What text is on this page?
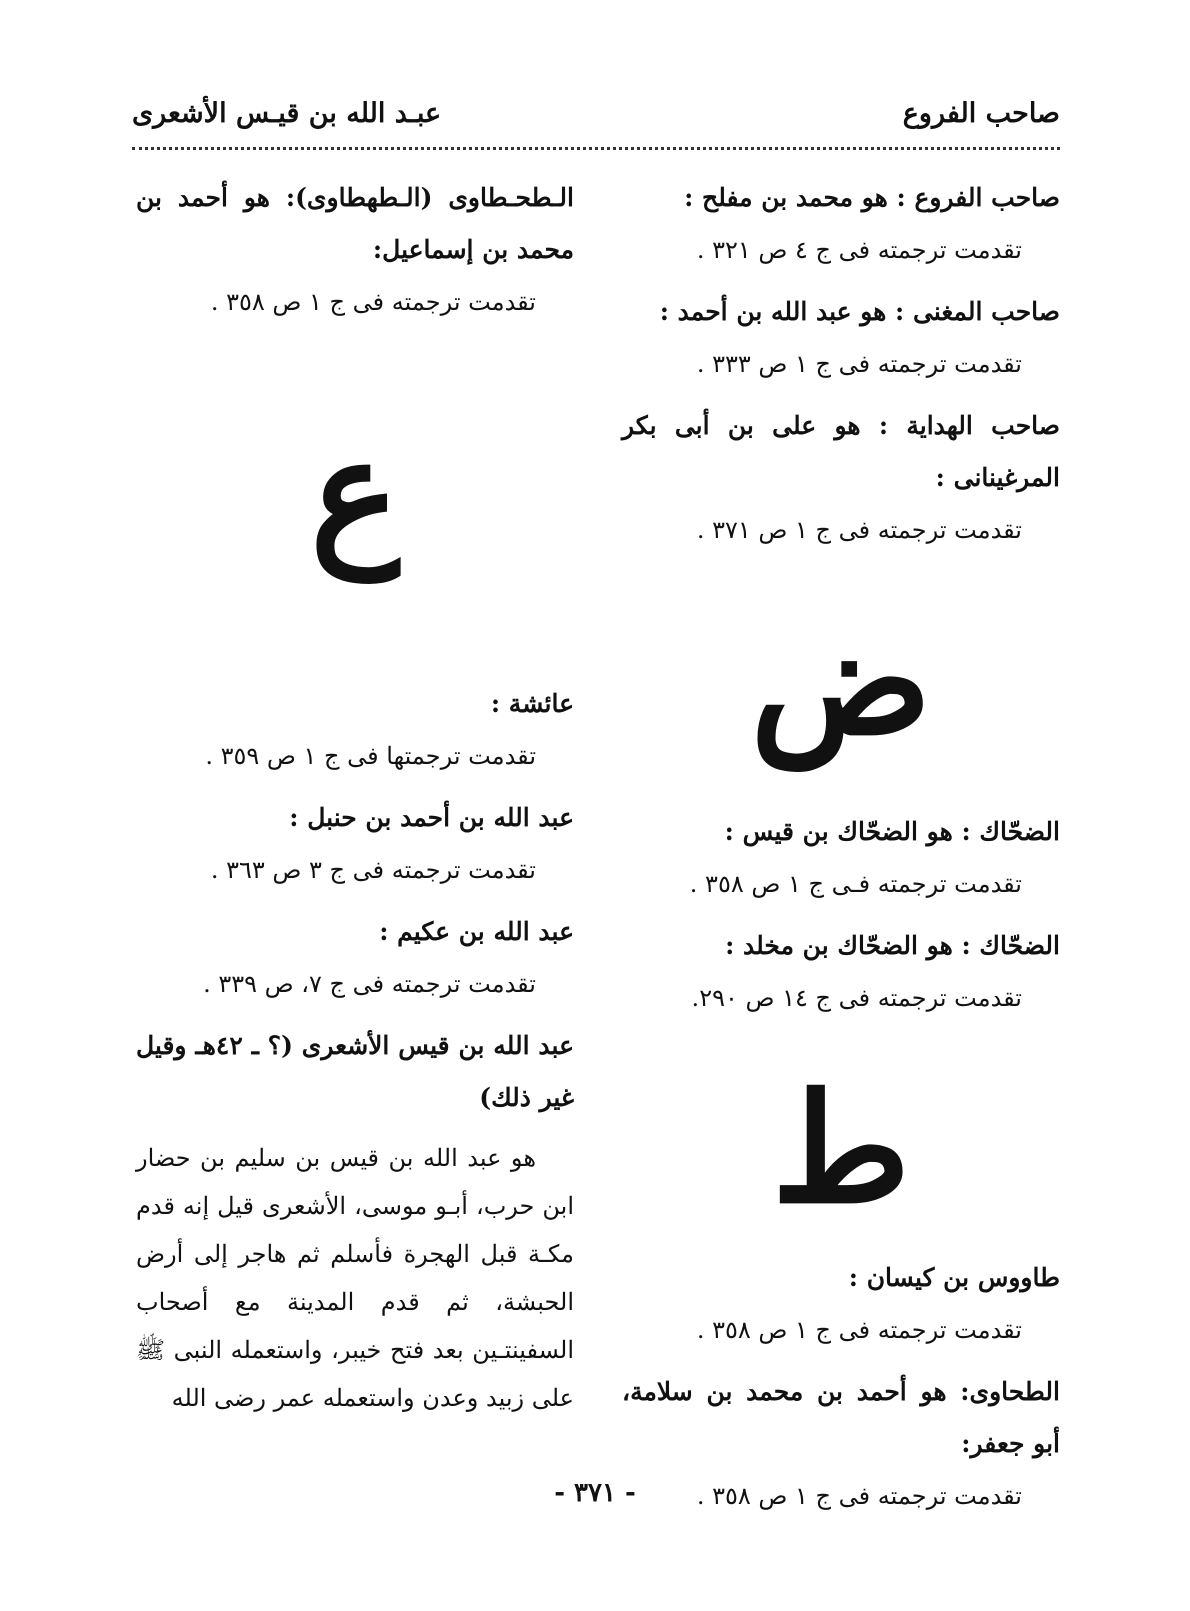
صاحب الفروع
عبـد الله بن قيـس الأشعرى
صاحب الفروع : هو محمد بن مفلح :
تقدمت ترجمته فى ج ٤ ص ٣٢١ .
صاحب المغنى : هو عبد الله بن أحمد :
تقدمت ترجمته فى ج ١ ص ٣٣٣ .
صاحب الهداية : هو على بن أبى بكر المرغينانى :
تقدمت ترجمته فى ج ١ ص ٣٧١ .
ض
الضحّاك : هو الضحّاك بن قيس :
تقدمت ترجمته فـى ج ١ ص ٣٥٨ .
الضحّاك : هو الضحّاك بن مخلد :
تقدمت ترجمته فى ج ١٤ ص ٢٩٠.
ط
طاووس بن كيسان :
تقدمت ترجمته فى ج ١ ص ٣٥٨ .
الطحاوى: هو أحمد بن محمد بن سلامة، أبو جعفر:
تقدمت ترجمته فى ج ١ ص ٣٥٨ .
الـطحـطاوى (الـطهطاوى): هو أحمد بن محمد بن إسماعيل:
تقدمت ترجمته فى ج ١ ص ٣٥٨ .
ع
عائشة :
تقدمت ترجمتها فى ج ١ ص ٣٥٩ .
عبد الله بن أحمد بن حنبل :
تقدمت ترجمته فى ج ٣ ص ٣٦٣ .
عبد الله بن عكيم :
تقدمت ترجمته فى ج ٧، ص ٣٣٩ .
عبد الله بن قيس الأشعرى (؟ ـ ٤٢هـ وقيل غير ذلك)
هو عبد الله بن قيس بن سليم بن حضار ابن حرب، أبـو موسى، الأشعرى قيل إنه قدم مكـة قبل الهجرة فأسلم ثم هاجر إلى أرض الحبشة، ثم قدم المدينة مع أصحاب السفينتـين بعد فتح خيبر، واستعمله النبى ﷺ على زبيد وعدن واستعمله عمر رضى الله
- ٣٧١ -
